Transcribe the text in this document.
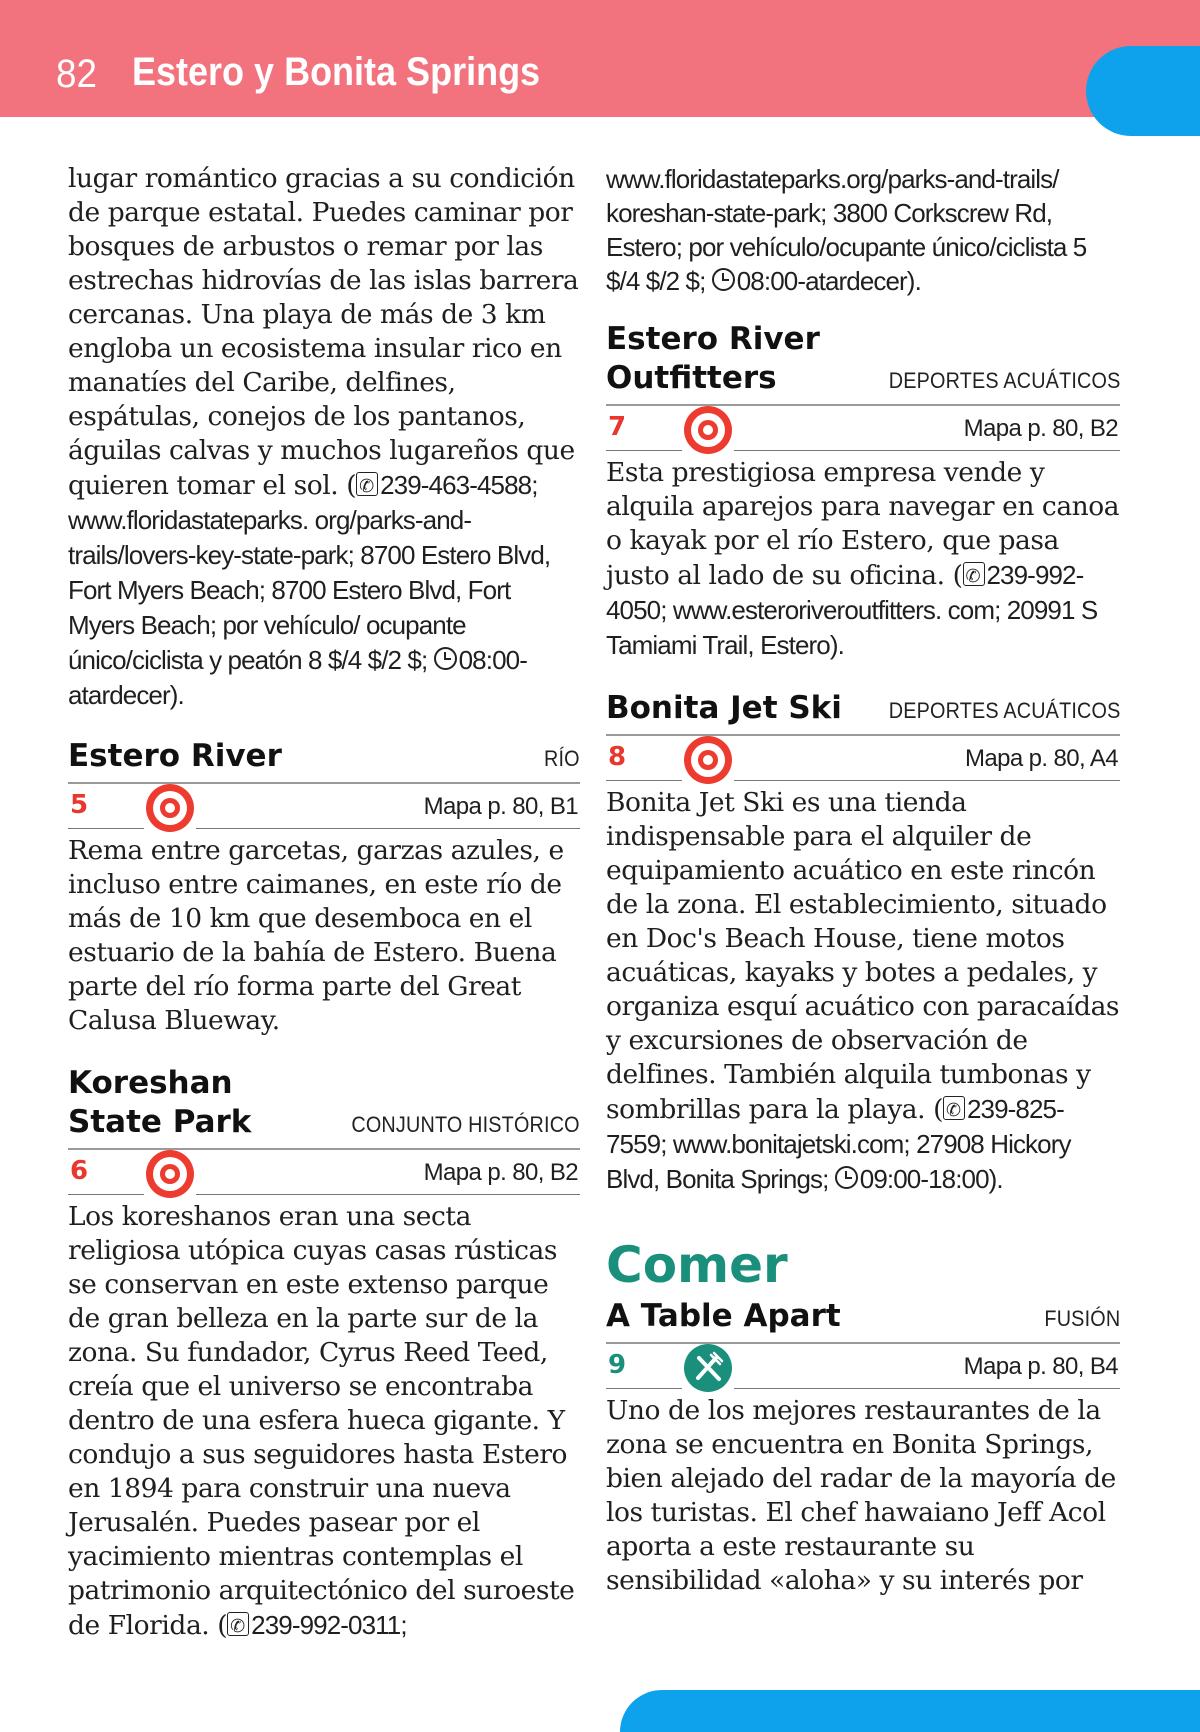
82 Estero y Bonita Springs

lugar romántico gracias a su condición de parque estatal. Puedes caminar por bosques de arbustos o remar por las estrechas hidrovías de las islas barrera cercanas. Una playa de más de 3 km engloba un ecosistema insular rico en manatíes del Caribe, delfines, espátulas, conejos de los pantanos, águilas calvas y muchos lugareños que quieren tomar el sol. ( ✆ 239-463-4588; www.floridastateparks. org/parks-and-trails/lovers-key-state-park; 8700 Estero Blvd, Fort Myers Beach; 8700 Estero Blvd, Fort Myers Beach; por vehículo/ ocupante único/ciclista y peatón 8 $/4 $/2 $; 08:00-atardecer).

Estero River	RÍO
5	Mapa p. 80, B1

Rema entre garcetas, garzas azules, e incluso entre caimanes, en este río de más de 10 km que desemboca en el estuario de la bahía de Estero. Buena parte del río forma parte del Great Calusa Blueway.

Koreshan
State Park	CONJUNTO HISTÓRICO
6	Mapa p. 80, B2

Los koreshanos eran una secta religiosa utópica cuyas casas rústicas se conservan en este extenso parque de gran belleza en la parte sur de la zona. Su fundador, Cyrus Reed Teed, creía que el universo se encontraba dentro de una esfera hueca gigante. Y condujo a sus seguidores hasta Estero en 1894 para construir una nueva Jerusalén. Puedes pasear por el yacimiento mientras contemplas el patrimonio arquitectónico del suroeste de Florida. ( ✆ 239-992-0311;

www.floridastateparks.org/parks-and-trails/ koreshan-state-park; 3800 Corkscrew Rd, Estero; por vehículo/ocupante único/ciclista 5 $/4 $/2 $; 08:00-atardecer).

Estero River
Outfitters	DEPORTES ACUÁTICOS
7	Mapa p. 80, B2

Esta prestigiosa empresa vende y alquila aparejos para navegar en canoa o kayak por el río Estero, que pasa justo al lado de su oficina. ( ✆ 239-992-4050; www.esteroriveroutfitters. com; 20991 S Tamiami Trail, Estero).

Bonita Jet Ski DEPORTES ACUÁTICOS
8	Mapa p. 80, A4

Bonita Jet Ski es una tienda indispensable para el alquiler de equipamiento acuático en este rincón de la zona. El establecimiento, situado en Doc's Beach House, tiene motos acuáticas, kayaks y botes a pedales, y organiza esquí acuático con paracaídas y excursiones de observación de delfines. También alquila tumbonas y sombrillas para la playa. ( ✆ 239-825-7559; www.bonitajetski.com; 27908 Hickory Blvd, Bonita Springs; 09:00-18:00).

Comer
A Table Apart	FUSIÓN
9	Mapa p. 80, B4

Uno de los mejores restaurantes de la zona se encuentra en Bonita Springs, bien alejado del radar de la mayoría de los turistas. El chef hawaiano Jeff Acol aporta a este restaurante su sensibilidad «aloha» y su interés por
